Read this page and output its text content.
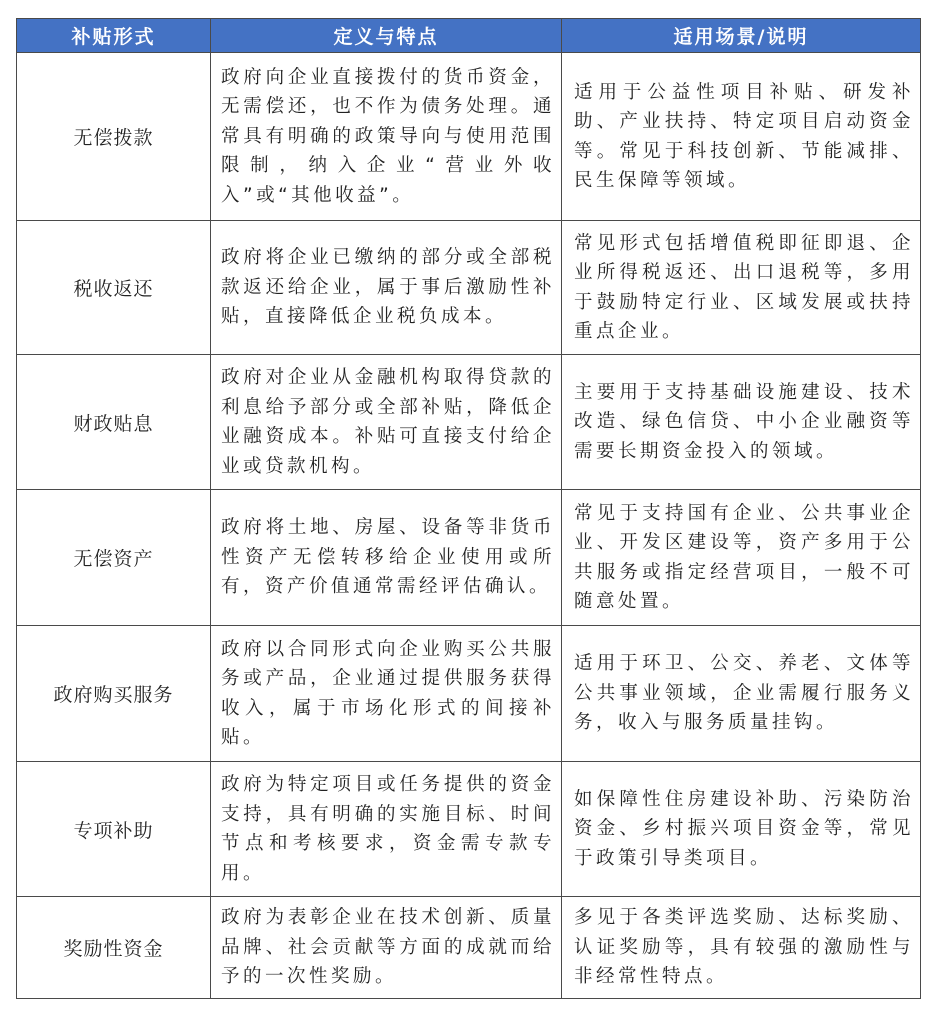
补贴形式	定义与特点	适用场景/说明
无偿拨款	政府向企业直接拨付的货币资金，无需偿还，也不作为债务处理。通常具有明确的政策导向与使用范围限制，纳入企业“营业外收入”或“其他收益”。	适用于公益性项目补贴、研发补助、产业扶持、特定项目启动资金等。常见于科技创新、节能减排、民生保障等领域。
税收返还	政府将企业已缴纳的部分或全部税款返还给企业，属于事后激励性补贴，直接降低企业税负成本。	常见形式包括增值税即征即退、企业所得税返还、出口退税等，多用于鼓励特定行业、区域发展或扶持重点企业。
财政贴息	政府对企业从金融机构取得贷款的利息给予部分或全部补贴，降低企业融资成本。补贴可直接支付给企业或贷款机构。	主要用于支持基础设施建设、技术改造、绿色信贷、中小企业融资等需要长期资金投入的领域。
无偿资产	政府将土地、房屋、设备等非货币性资产无偿转移给企业使用或所有，资产价值通常需经评估确认。	常见于支持国有企业、公共事业企业、开发区建设等，资产多用于公共服务或指定经营项目，一般不可随意处置。
政府购买服务	政府以合同形式向企业购买公共服务或产品，企业通过提供服务获得收入，属于市场化形式的间接补贴。	适用于环卫、公交、养老、文体等公共事业领域，企业需履行服务义务，收入与服务质量挂钩。
专项补助	政府为特定项目或任务提供的资金支持，具有明确的实施目标、时间节点和考核要求，资金需专款专用。	如保障性住房建设补助、污染防治资金、乡村振兴项目资金等，常见于政策引导类项目。
奖励性资金	政府为表彰企业在技术创新、质量品牌、社会贡献等方面的成就而给予的一次性奖励。	多见于各类评选奖励、达标奖励、认证奖励等，具有较强的激励性与非经常性特点。
